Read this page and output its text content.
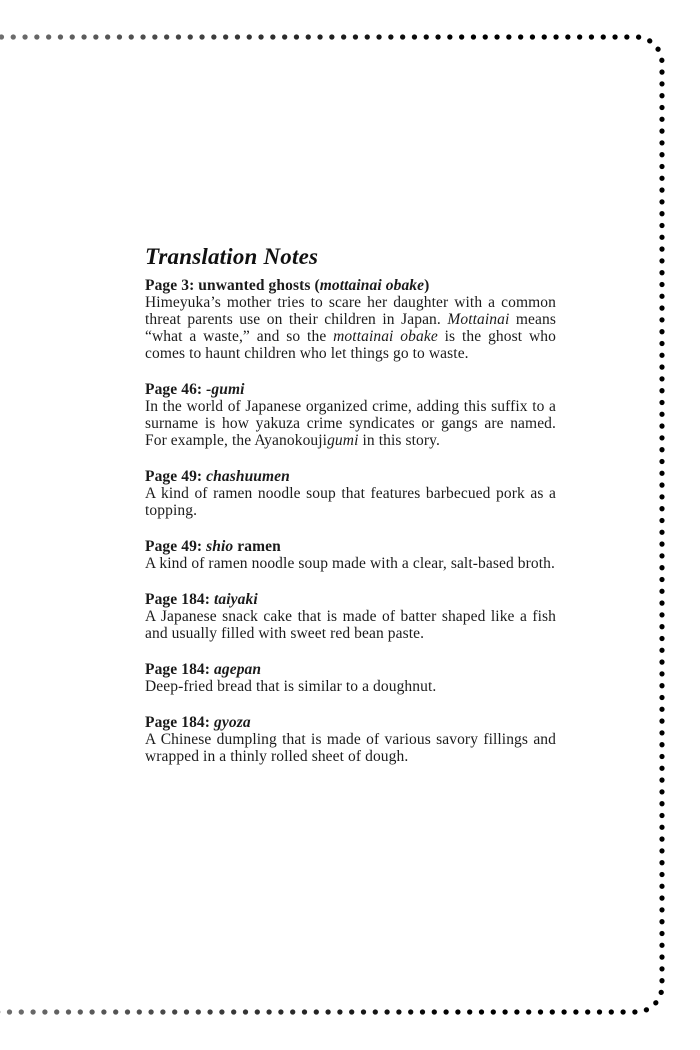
Translation Notes
Page 3: unwanted ghosts (mottainai obake)

Himeyuka’s mother tries to scare her daughter with a common threat parents use on their children in Japan. Mottainai means “what a waste,” and so the mottainai obake is the ghost who comes to haunt children who let things go to waste.

Page 46: -gumi

In the world of Japanese organized crime, adding this suffix to a surname is how yakuza crime syndicates or gangs are named. For example, the Ayanokoujigumi in this story.

Page 49: chashuumen

A kind of ramen noodle soup that features barbecued pork as a topping.

Page 49: shio ramen

A kind of ramen noodle soup made with a clear, salt-based broth.

Page 184: taiyaki

A Japanese snack cake that is made of batter shaped like a fish and usually filled with sweet red bean paste.

Page 184: agepan

Deep-fried bread that is similar to a doughnut.

Page 184: gyoza

A Chinese dumpling that is made of various savory fillings and wrapped in a thinly rolled sheet of dough.
